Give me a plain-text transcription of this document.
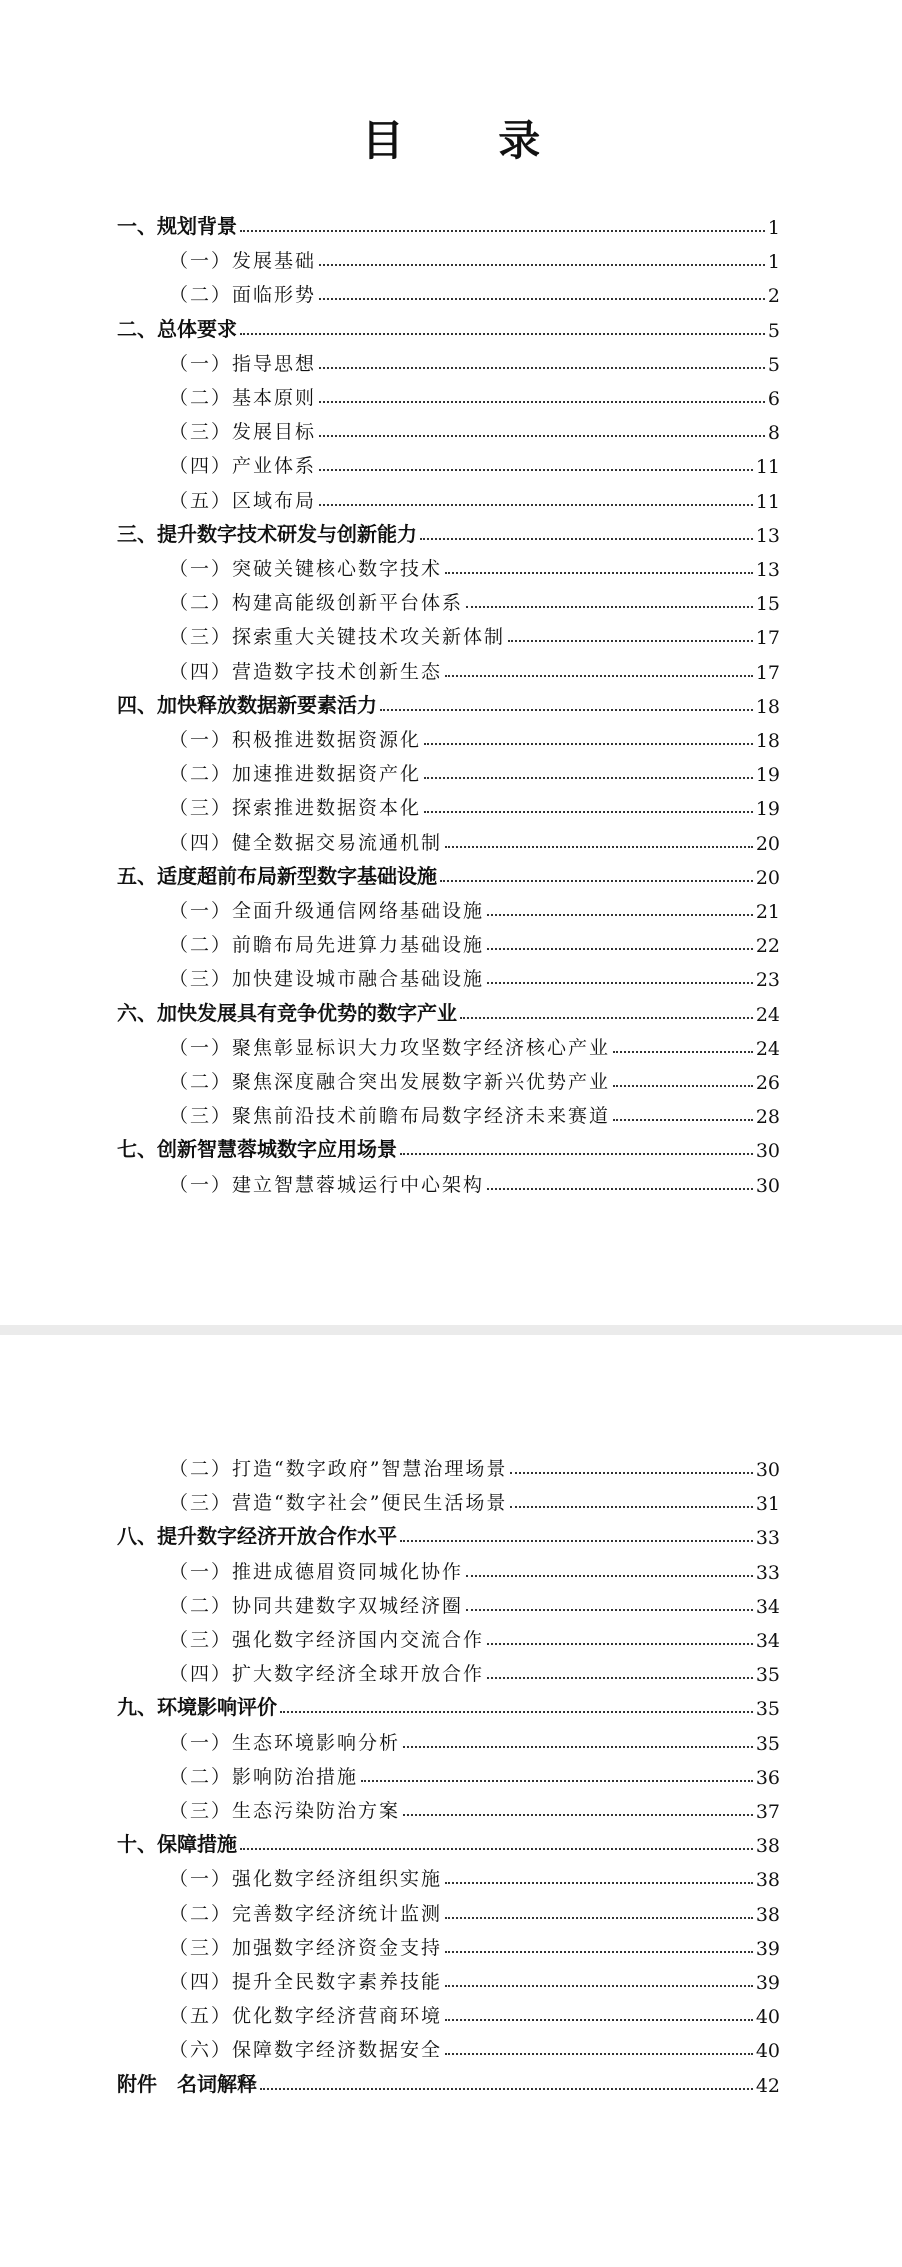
目 录
一、规划背景	1
（一）发展基础	1
（二）面临形势	2
二、总体要求	5
（一）指导思想	5
（二）基本原则	6
（三）发展目标	8
（四）产业体系	11
（五）区域布局	11
三、提升数字技术研发与创新能力	13
（一）突破关键核心数字技术	13
（二）构建高能级创新平台体系	15
（三）探索重大关键技术攻关新体制	17
（四）营造数字技术创新生态	17
四、加快释放数据新要素活力	18
（一）积极推进数据资源化	18
（二）加速推进数据资产化	19
（三）探索推进数据资本化	19
（四）健全数据交易流通机制	20
五、适度超前布局新型数字基础设施	20
（一）全面升级通信网络基础设施	21
（二）前瞻布局先进算力基础设施	22
（三）加快建设城市融合基础设施	23
六、加快发展具有竞争优势的数字产业	24
（一）聚焦彰显标识大力攻坚数字经济核心产业	24
（二）聚焦深度融合突出发展数字新兴优势产业	26
（三）聚焦前沿技术前瞻布局数字经济未来赛道	28
七、创新智慧蓉城数字应用场景	30
（一）建立智慧蓉城运行中心架构	30
（二）打造“数字政府”智慧治理场景	30
（三）营造“数字社会”便民生活场景	31
八、提升数字经济开放合作水平	33
（一）推进成德眉资同城化协作	33
（二）协同共建数字双城经济圈	34
（三）强化数字经济国内交流合作	34
（四）扩大数字经济全球开放合作	35
九、环境影响评价	35
（一）生态环境影响分析	35
（二）影响防治措施	36
（三）生态污染防治方案	37
十、保障措施	38
（一）强化数字经济组织实施	38
（二）完善数字经济统计监测	38
（三）加强数字经济资金支持	39
（四）提升全民数字素养技能	39
（五）优化数字经济营商环境	40
（六）保障数字经济数据安全	40
附件　名词解释	42
